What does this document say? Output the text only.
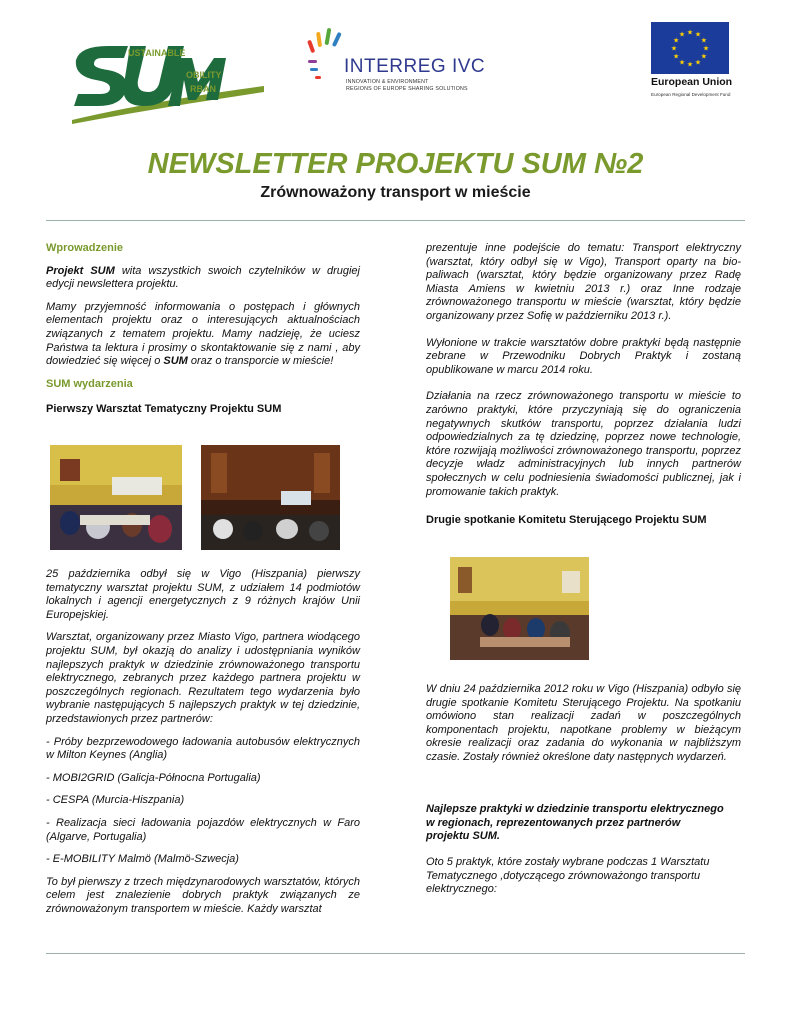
USTAINABLE
OBILITY
RBAN
INTERREG IVC
INNOVATION & ENVIRONMENT
REGIONS OF EUROPE SHARING SOLUTIONS
★ ★
★
★
★
★
★
★
★
★
★
★
European Union
European Regional Development Fund
NEWSLETTER PROJEKTU SUM №2
Zrównoważony transport w mieście

Wprowadzenie

Projekt SUM wita wszystkich swoich czytelników w drugiej edycji newslettera projektu.

Mamy przyjemność informowania o postępach i głównych elementach projektu oraz o interesujących aktualnościach związanych z tematem projektu. Mamy nadzieję, że uciesz Państwa ta lektura i prosimy o skontaktowanie się z nami , aby dowiedzieć się więcej o SUM oraz o transporcie w mieście!

SUM wydarzenia

Pierwszy Warsztat Tematyczny Projektu SUM

25 października odbył się w Vigo (Hiszpania) pierwszy tematyczny warsztat projektu SUM, z udziałem 14 podmiotów lokalnych i agencji energetycznych z 9 różnych krajów Unii Europejskiej.

Warsztat, organizowany przez Miasto Vigo, partnera wiodącego projektu SUM, był okazją do analizy i udostępniania wyników najlepszych praktyk w dziedzinie zrównoważonego transportu elektrycznego, zebranych przez każdego partnera projektu w poszczególnych regionach. Rezultatem tego wydarzenia było wybranie następujących 5 najlepszych praktyk w tej dziedzinie, przedstawionych przez partnerów:

- Próby bezprzewodowego ładowania autobusów elektrycznych w Milton Keynes (Anglia)

- MOBI2GRID (Galicja-Północna Portugalia)

- CESPA (Murcia-Hiszpania)

- Realizacja sieci ładowania pojazdów elektrycznych w Faro (Algarve, Portugalia)

- E-MOBILITY Malmö (Malmö-Szwecja)

To był pierwszy z trzech międzynarodowych warsztatów, których celem jest znalezienie dobrych praktyk związanych ze zrównoważonym transportem w mieście. Każdy warsztat

prezentuje inne podejście do tematu: Transport elektryczny (warsztat, który odbył się w Vigo), Transport oparty na bio-paliwach (warsztat, który będzie organizowany przez Radę Miasta Amiens w kwietniu 2013 r.) oraz Inne rodzaje zrównoważonego transportu w mieście (warsztat, który będzie organizowany przez Sofię w październiku 2013 r.).

Wyłonione w trakcie warsztatów dobre praktyki będą następnie zebrane w Przewodniku Dobrych Praktyk i zostaną opublikowane w marcu 2014 roku.

Działania na rzecz zrównoważonego transportu w mieście to zarówno praktyki, które przyczyniają się do ograniczenia negatywnych skutków transportu, poprzez działania ludzi odpowiedzialnych za tę dziedzinę, poprzez nowe technologie, które rozwijają możliwości zrównoważonego transportu, poprzez decyzje władz administracyjnych lub innych partnerów społecznych w celu podniesienia świadomości publicznej, jak i promowanie takich praktyk.

Drugie spotkanie Komitetu Sterującego Projektu SUM

W dniu 24 października 2012 roku w Vigo (Hiszpania) odbyło się drugie spotkanie Komitetu Sterującego Projektu. Na spotkaniu omówiono stan realizacji zadań w poszczególnych komponentach projektu, napotkane problemy w bieżącym okresie realizacji oraz zadania do wykonania w najbliższym czasie. Zostały również określone daty następnych wydarzeń.

Najlepsze praktyki w dziedzinie transportu elektrycznego
w regionach, reprezentowanych przez partnerów
projektu SUM.
Oto 5 praktyk, które zostały wybrane podczas 1 Warsztatu
Tematycznego ,dotyczącego zrównoważongo transportu
elektrycznego:
